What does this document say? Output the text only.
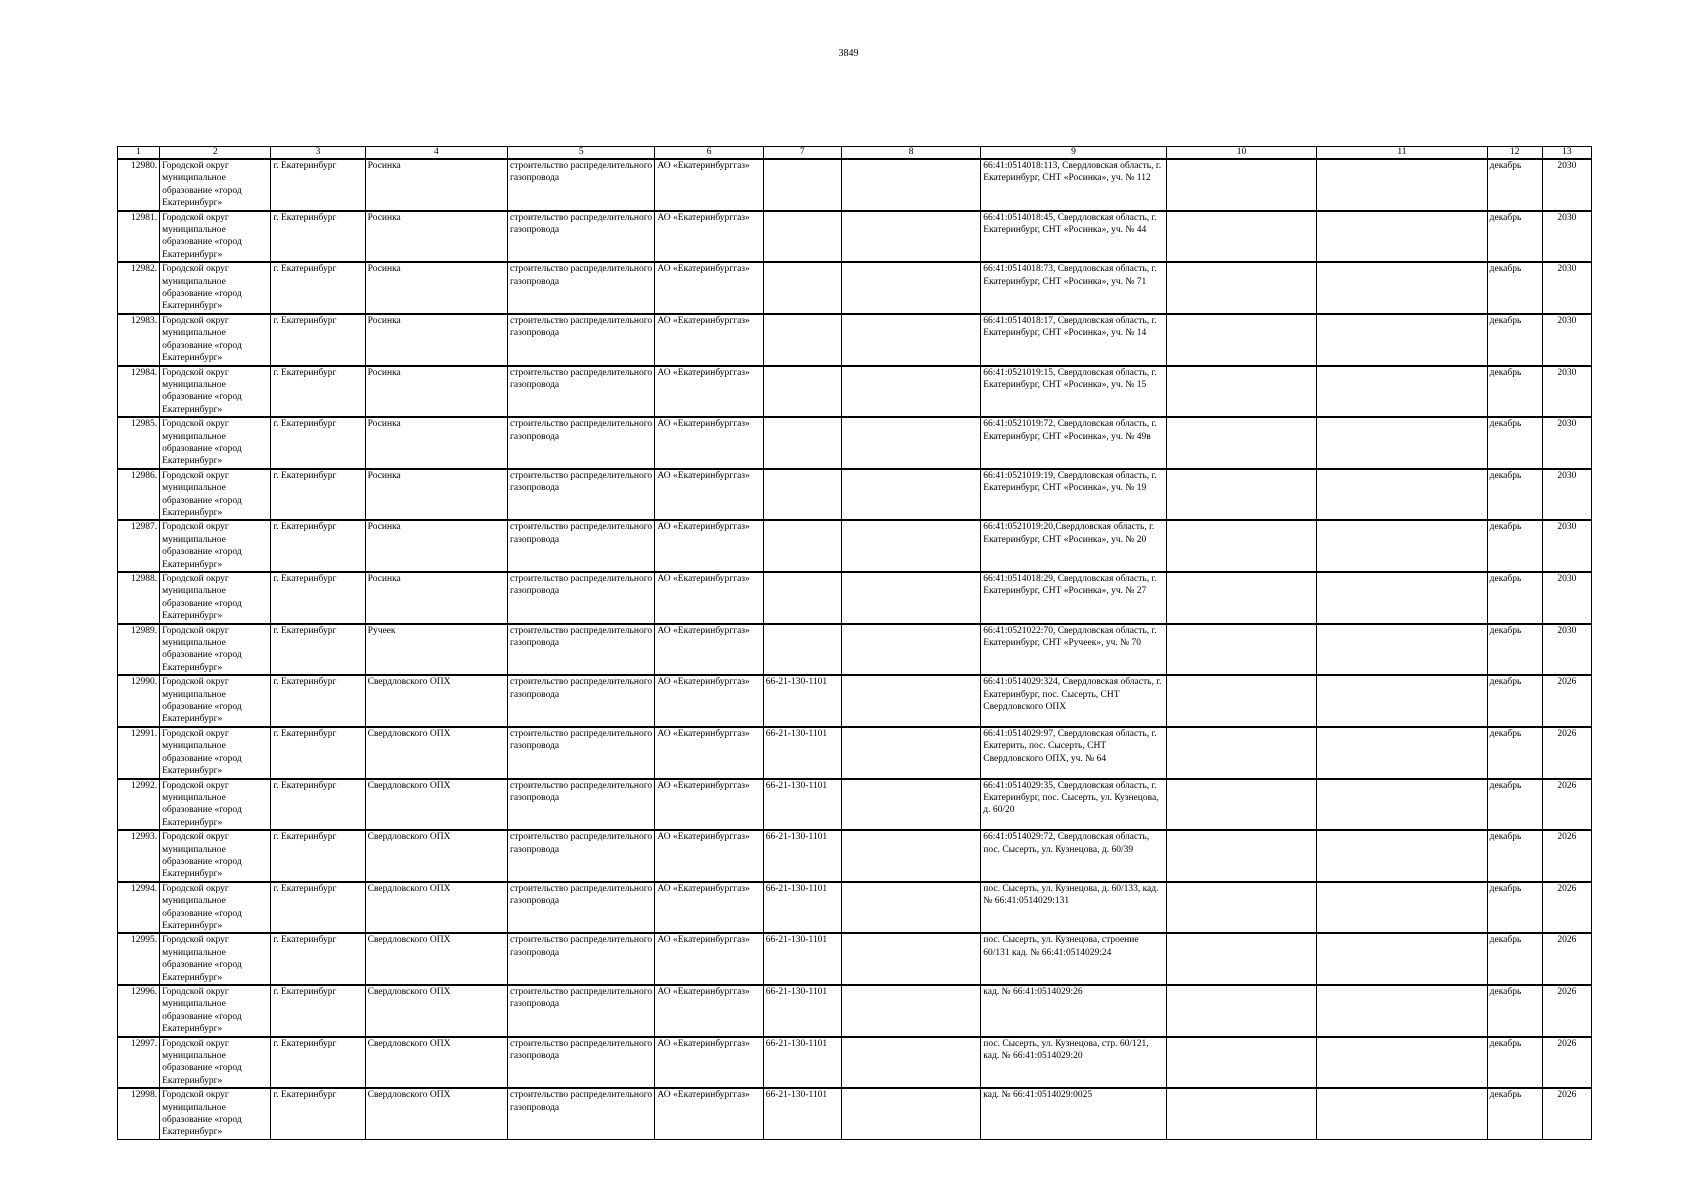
3849
1	2	3	4	5	6	7	8	9	10	11	12	13
12980.	Городской округ муниципальное образование «город Екатеринбург»	г. Екатеринбург	Росинка	строительство распределительного газопровода	АО «Екатеринбурггаз»			66:41:0514018:113, Свердловская область, г. Екатеринбург, СНТ «Росинка», уч. № 112			декабрь	2030
12981.	Городской округ муниципальное образование «город Екатеринбург»	г. Екатеринбург	Росинка	строительство распределительного газопровода	АО «Екатеринбурггаз»			66:41:0514018:45, Свердловская область, г. Екатеринбург, СНТ «Росинка», уч. № 44			декабрь	2030
12982.	Городской округ муниципальное образование «город Екатеринбург»	г. Екатеринбург	Росинка	строительство распределительного газопровода	АО «Екатеринбурггаз»			66:41:0514018:73, Свердловская область, г. Екатеринбург, СНТ «Росинка», уч. № 71			декабрь	2030
12983.	Городской округ муниципальное образование «город Екатеринбург»	г. Екатеринбург	Росинка	строительство распределительного газопровода	АО «Екатеринбурггаз»			66:41:0514018:17, Свердловская область, г. Екатеринбург, СНТ «Росинка», уч. № 14			декабрь	2030
12984.	Городской округ муниципальное образование «город Екатеринбург»	г. Екатеринбург	Росинка	строительство распределительного газопровода	АО «Екатеринбурггаз»			66:41:0521019:15, Свердловская область, г. Екатеринбург, СНТ «Росинка», уч. № 15			декабрь	2030
12985.	Городской округ муниципальное образование «город Екатеринбург»	г. Екатеринбург	Росинка	строительство распределительного газопровода	АО «Екатеринбурггаз»			66:41:0521019:72, Свердловская область, г. Екатеринбург, СНТ «Росинка», уч. № 49в			декабрь	2030
12986.	Городской округ муниципальное образование «город Екатеринбург»	г. Екатеринбург	Росинка	строительство распределительного газопровода	АО «Екатеринбурггаз»			66:41:0521019:19, Свердловская область, г. Екатеринбург, СНТ «Росинка», уч. № 19			декабрь	2030
12987.	Городской округ муниципальное образование «город Екатеринбург»	г. Екатеринбург	Росинка	строительство распределительного газопровода	АО «Екатеринбурггаз»			66:41:0521019:20,Свердловская область, г. Екатеринбург, СНТ «Росинка», уч. № 20			декабрь	2030
12988.	Городской округ муниципальное образование «город Екатеринбург»	г. Екатеринбург	Росинка	строительство распределительного газопровода	АО «Екатеринбурггаз»			66:41:0514018:29, Свердловская область, г. Екатеринбург, СНТ «Росинка», уч. № 27			декабрь	2030
12989.	Городской округ муниципальное образование «город Екатеринбург»	г. Екатеринбург	Ручеек	строительство распределительного газопровода	АО «Екатеринбурггаз»			66:41:0521022:70, Свердловская область, г. Екатеринбург, СНТ «Ручеек», уч. № 70			декабрь	2030
12990.	Городской округ муниципальное образование «город Екатеринбург»	г. Екатеринбург	Свердловского ОПХ	строительство распределительного газопровода	АО «Екатеринбурггаз»	66-21-130-1101		66:41:0514029:324, Свердловская область, г. Екатеринбург, пос. Сысерть, СНТ Свердловского ОПХ			декабрь	2026
12991.	Городской округ муниципальное образование «город Екатеринбург»	г. Екатеринбург	Свердловского ОПХ	строительство распределительного газопровода	АО «Екатеринбурггаз»	66-21-130-1101		66:41:0514029:97, Свердловская область, г. Екатерить, пос. Сысерть, СНТ Свердловского ОПХ, уч. № 64			декабрь	2026
12992.	Городской округ муниципальное образование «город Екатеринбург»	г. Екатеринбург	Свердловского ОПХ	строительство распределительного газопровода	АО «Екатеринбурггаз»	66-21-130-1101		66:41:0514029:35, Свердловская область, г. Екатеринбург, пос. Сысерть, ул. Кузнецова, д. 60/20			декабрь	2026
12993.	Городской округ муниципальное образование «город Екатеринбург»	г. Екатеринбург	Свердловского ОПХ	строительство распределительного газопровода	АО «Екатеринбурггаз»	66-21-130-1101		66:41:0514029:72, Свердловская область, пос. Сысерть, ул. Кузнецова, д. 60/39			декабрь	2026
12994.	Городской округ муниципальное образование «город Екатеринбург»	г. Екатеринбург	Свердловского ОПХ	строительство распределительного газопровода	АО «Екатеринбурггаз»	66-21-130-1101		пос. Сысерть, ул. Кузнецова, д. 60/133, кад. № 66:41:0514029:131			декабрь	2026
12995.	Городской округ муниципальное образование «город Екатеринбург»	г. Екатеринбург	Свердловского ОПХ	строительство распределительного газопровода	АО «Екатеринбурггаз»	66-21-130-1101		пос. Сысерть, ул. Кузнецова, строение 60/131 кад. № 66:41:0514029:24			декабрь	2026
12996.	Городской округ муниципальное образование «город Екатеринбург»	г. Екатеринбург	Свердловского ОПХ	строительство распределительного газопровода	АО «Екатеринбурггаз»	66-21-130-1101		кад. № 66:41:0514029:26			декабрь	2026
12997.	Городской округ муниципальное образование «город Екатеринбург»	г. Екатеринбург	Свердловского ОПХ	строительство распределительного газопровода	АО «Екатеринбурггаз»	66-21-130-1101		пос. Сысерть, ул. Кузнецова, стр. 60/121, кад. № 66:41:0514029:20			декабрь	2026
12998.	Городской округ муниципальное образование «город Екатеринбург»	г. Екатеринбург	Свердловского ОПХ	строительство распределительного газопровода	АО «Екатеринбурггаз»	66-21-130-1101		кад. № 66:41:0514029:0025			декабрь	2026
